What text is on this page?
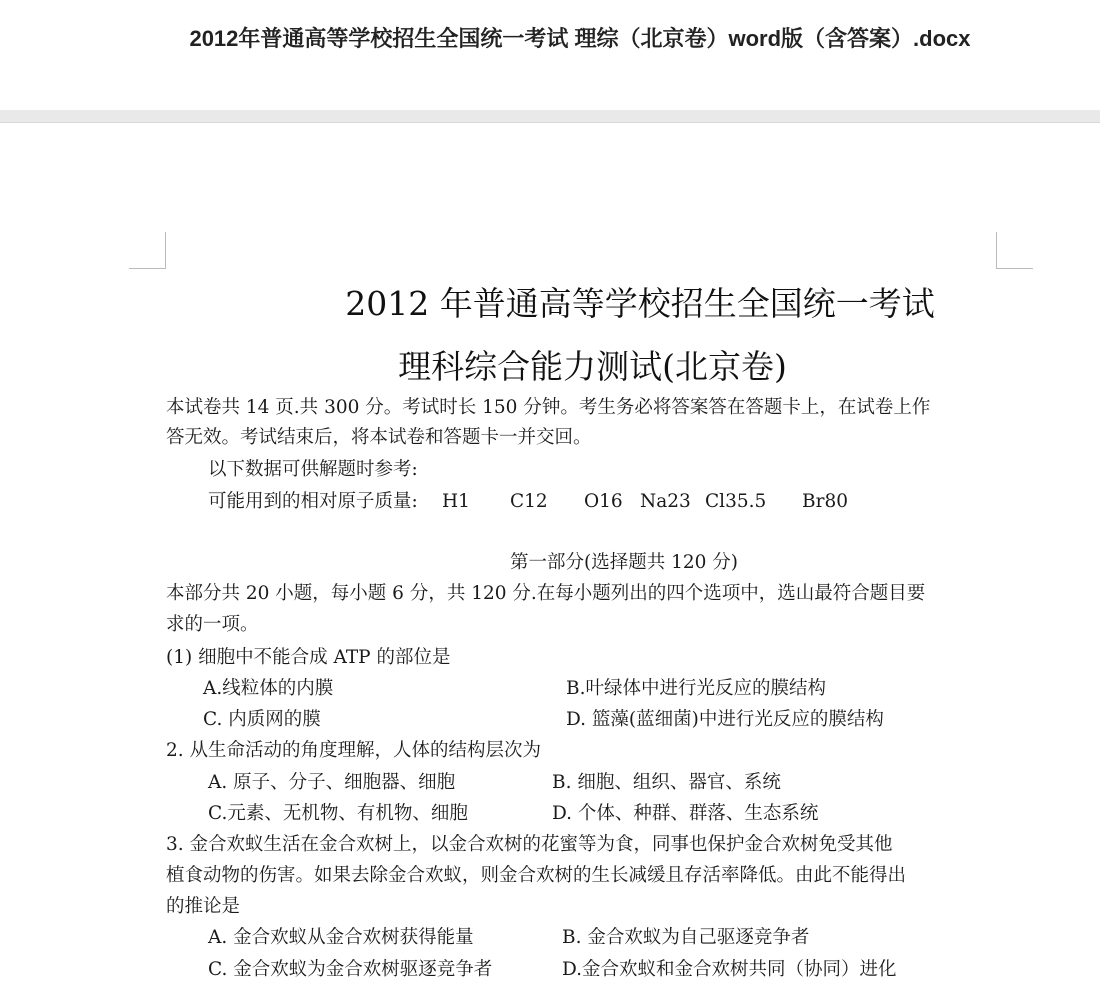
2012年普通高等学校招生全国统一考试 理综（北京卷）word版（含答案）.docx
2012 年普通高等学校招生全国统一考试
理科综合能力测试(北京卷)
本试卷共 14 页.共 300 分。考试时长 150 分钟。考生务必将答案答在答题卡上，在试卷上作
答无效。考试结束后，将本试卷和答题卡一并交回。
以下数据可供解题时参考:
可能用到的相对原子质量: H1 C12 O16 Na23 Cl35.5 Br80
第一部分(选择题共 120 分)
本部分共 20 小题，每小题 6 分，共 120 分.在每小题列出的四个选项中，选山最符合题目要
求的一项。
(1) 细胞中不能合成 ATP 的部位是
A.线粒体的内膜	B.叶绿体中进行光反应的膜结构
C. 内质网的膜	D. 篮藻(蓝细菌)中进行光反应的膜结构
2. 从生命活动的角度理解，人体的结构层次为
A. 原子、分子、细胞器、细胞	B. 细胞、组织、器官、系统
C.元素、无机物、有机物、细胞	D. 个体、种群、群落、生态系统
3. 金合欢蚁生活在金合欢树上，以金合欢树的花蜜等为食，同事也保护金合欢树免受其他
植食动物的伤害。如果去除金合欢蚁，则金合欢树的生长减缓且存活率降低。由此不能得出
的推论是
A. 金合欢蚁从金合欢树获得能量	B. 金合欢蚁为自己驱逐竞争者
C. 金合欢蚁为金合欢树驱逐竞争者	D.金合欢蚁和金合欢树共同（协同）进化
